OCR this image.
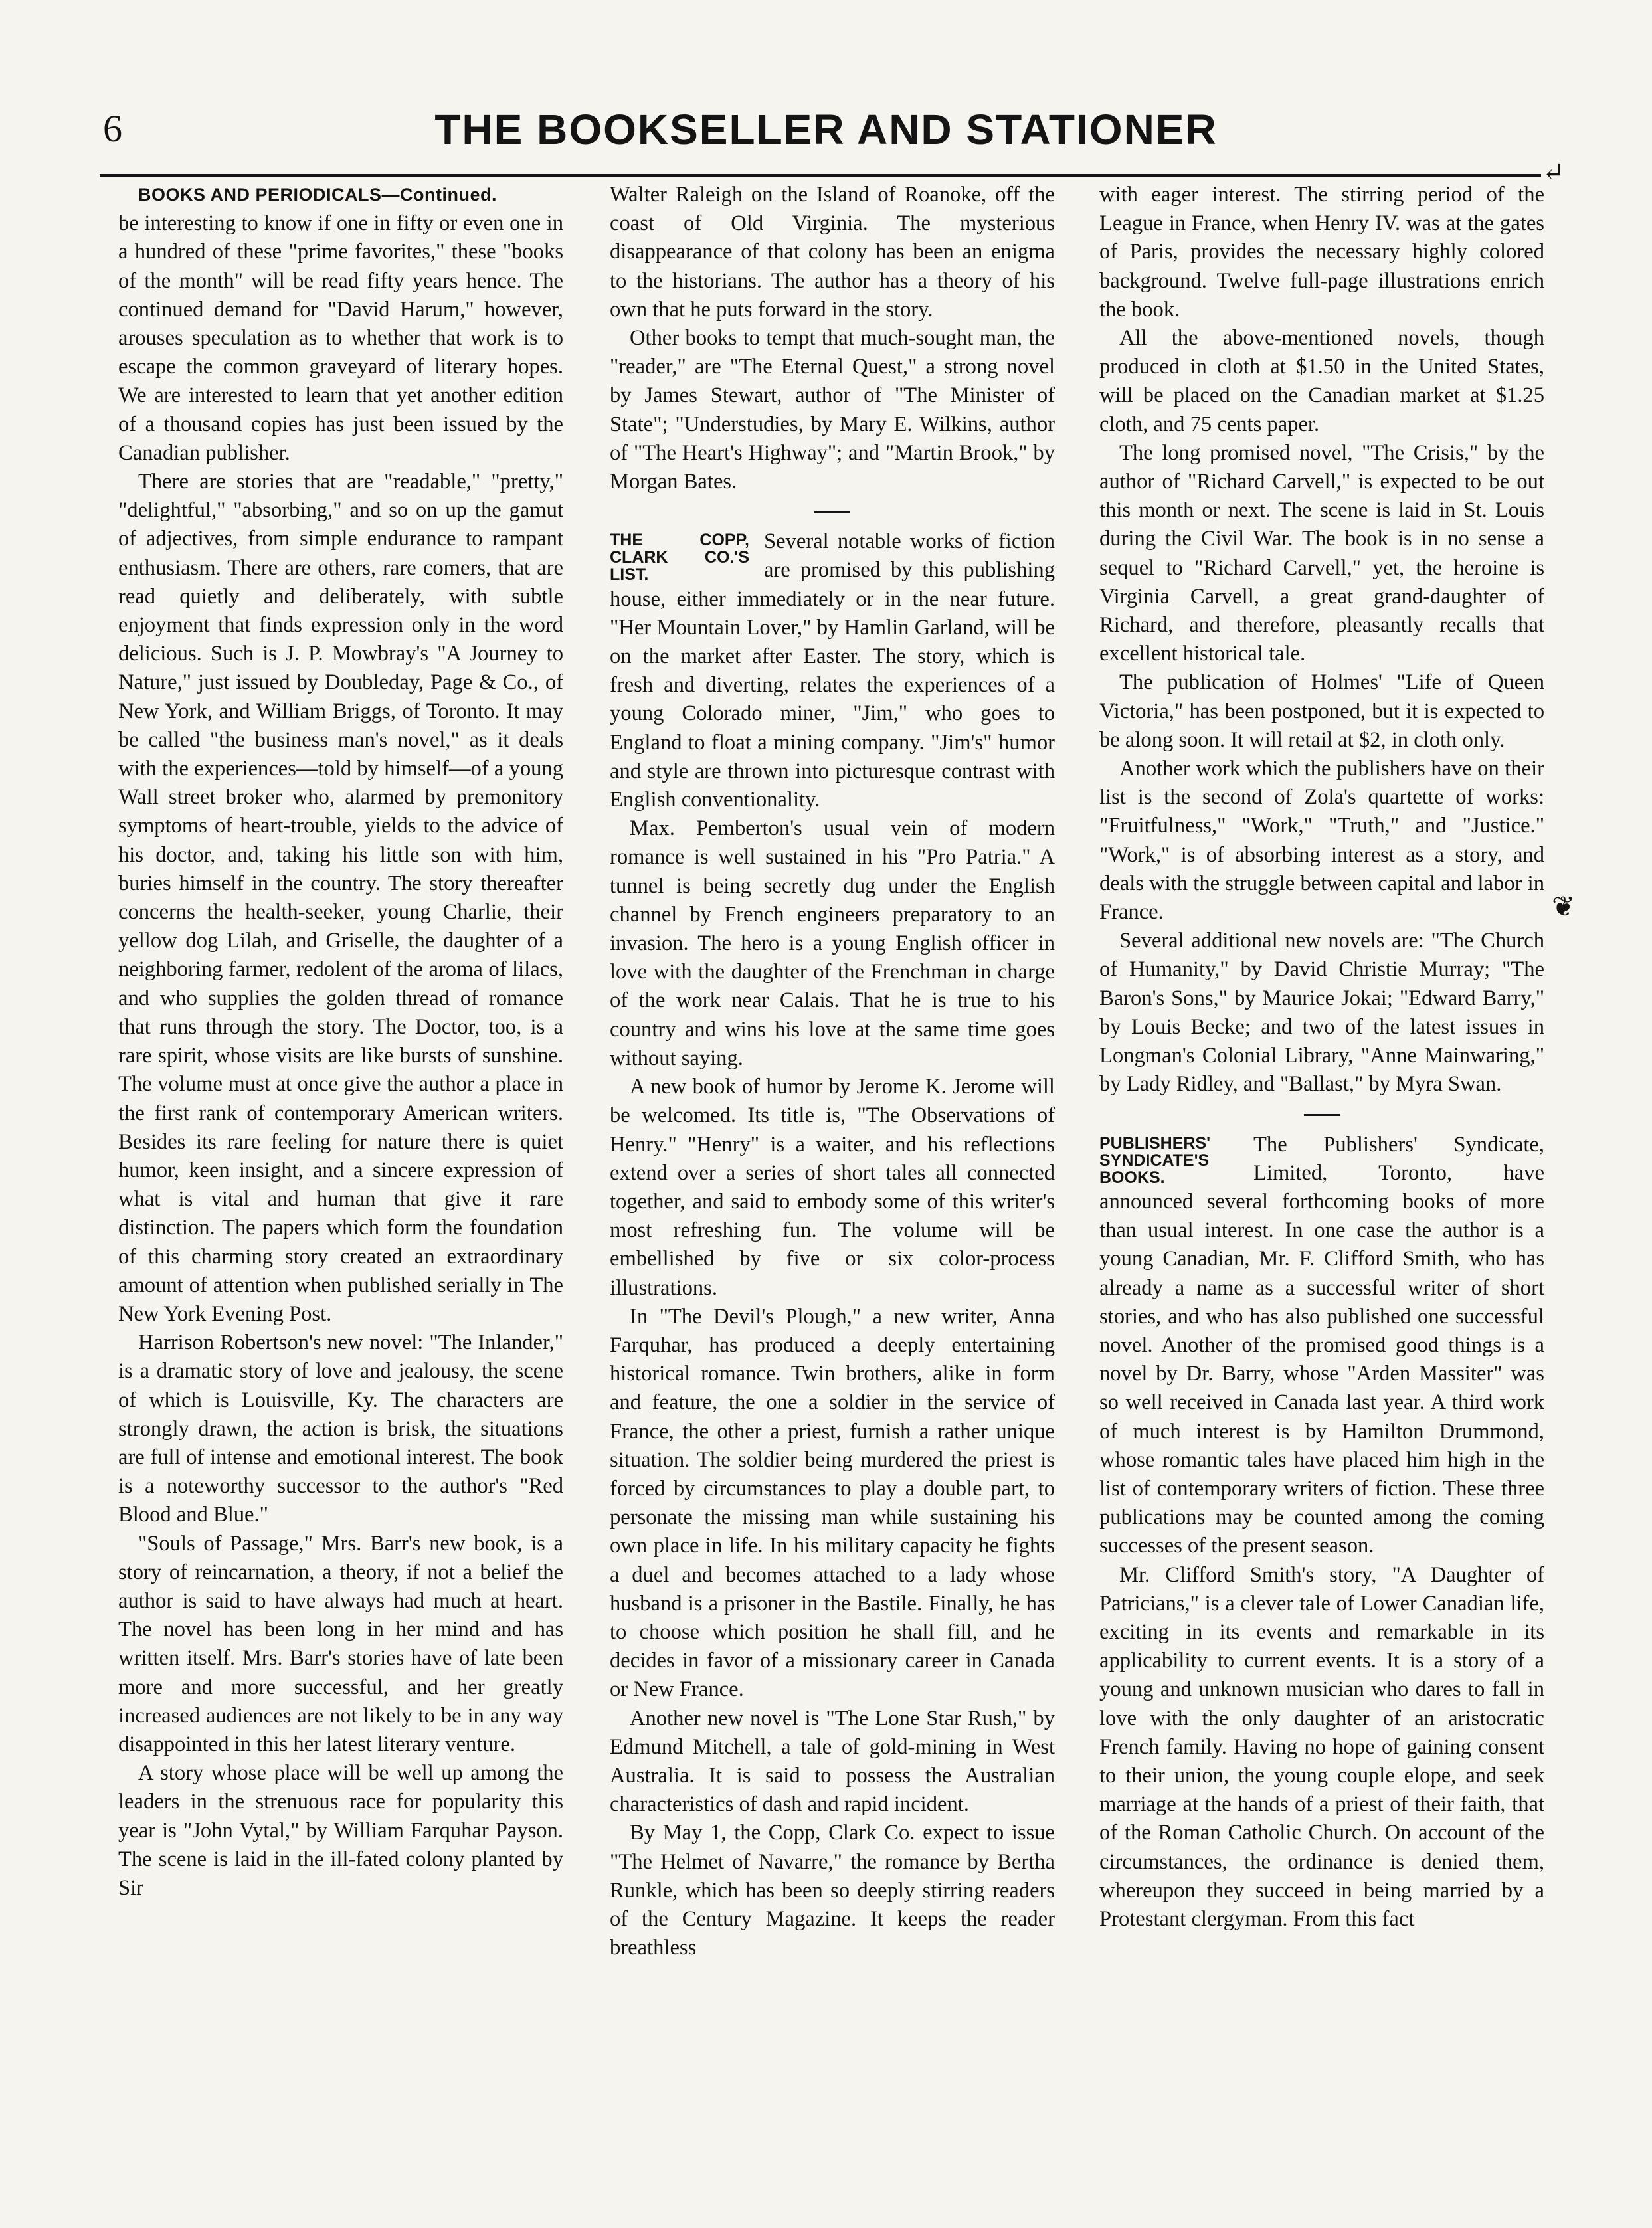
6	THE BOOKSELLER AND STATIONER
↵
❦

BOOKS AND PERIODICALS—Continued.

be interesting to know if one in fifty or even one in a hundred of these "prime favorites," these "books of the month" will be read fifty years hence. The continued demand for "David Harum," however, arouses speculation as to whether that work is to escape the common graveyard of literary hopes. We are interested to learn that yet another edition of a thousand copies has just been issued by the Canadian publisher.

There are stories that are "readable," "pretty," "delightful," "absorbing," and so on up the gamut of adjectives, from simple endurance to rampant enthusiasm. There are others, rare comers, that are read quietly and deliberately, with subtle enjoyment that finds expression only in the word delicious. Such is J. P. Mowbray's "A Journey to Nature," just issued by Doubleday, Page & Co., of New York, and William Briggs, of Toronto. It may be called "the business man's novel," as it deals with the experiences—told by himself—of a young Wall street broker who, alarmed by premonitory symptoms of heart-trouble, yields to the advice of his doctor, and, taking his little son with him, buries himself in the country. The story thereafter concerns the health-seeker, young Charlie, their yellow dog Lilah, and Griselle, the daughter of a neighboring farmer, redolent of the aroma of lilacs, and who supplies the golden thread of romance that runs through the story. The Doctor, too, is a rare spirit, whose visits are like bursts of sunshine. The volume must at once give the author a place in the first rank of contemporary American writers. Besides its rare feeling for nature there is quiet humor, keen insight, and a sincere expression of what is vital and human that give it rare distinction. The papers which form the foundation of this charming story created an extraordinary amount of attention when published serially in The New York Evening Post.

Harrison Robertson's new novel: "The Inlander," is a dramatic story of love and jealousy, the scene of which is Louisville, Ky. The characters are strongly drawn, the action is brisk, the situations are full of intense and emotional interest. The book is a noteworthy successor to the author's "Red Blood and Blue."

"Souls of Passage," Mrs. Barr's new book, is a story of reincarnation, a theory, if not a belief the author is said to have always had much at heart. The novel has been long in her mind and has written itself. Mrs. Barr's stories have of late been more and more successful, and her greatly increased audiences are not likely to be in any way disappointed in this her latest literary venture.

A story whose place will be well up among the leaders in the strenuous race for popularity this year is "John Vytal," by William Farquhar Payson. The scene is laid in the ill-fated colony planted by Sir

Walter Raleigh on the Island of Roanoke, off the coast of Old Virginia. The mysterious disappearance of that colony has been an enigma to the historians. The author has a theory of his own that he puts forward in the story.

Other books to tempt that much-sought man, the "reader," are "The Eternal Quest," a strong novel by James Stewart, author of "The Minister of State"; "Understudies, by Mary E. Wilkins, author of "The Heart's Highway"; and "Martin Brook," by Morgan Bates.

THE COPP, CLARK CO.'S LIST.

Several notable works of fiction are promised by this publishing house, either immediately or in the near future. "Her Mountain Lover," by Hamlin Garland, will be on the market after Easter. The story, which is fresh and diverting, relates the experiences of a young Colorado miner, "Jim," who goes to England to float a mining company. "Jim's" humor and style are thrown into picturesque contrast with English conventionality.

Max. Pemberton's usual vein of modern romance is well sustained in his "Pro Patria." A tunnel is being secretly dug under the English channel by French engineers preparatory to an invasion. The hero is a young English officer in love with the daughter of the Frenchman in charge of the work near Calais. That he is true to his country and wins his love at the same time goes without saying.

A new book of humor by Jerome K. Jerome will be welcomed. Its title is, "The Observations of Henry." "Henry" is a waiter, and his reflections extend over a series of short tales all connected together, and said to embody some of this writer's most refreshing fun. The volume will be embellished by five or six color-process illustrations.

In "The Devil's Plough," a new writer, Anna Farquhar, has produced a deeply entertaining historical romance. Twin brothers, alike in form and feature, the one a soldier in the service of France, the other a priest, furnish a rather unique situation. The soldier being murdered the priest is forced by circumstances to play a double part, to personate the missing man while sustaining his own place in life. In his military capacity he fights a duel and becomes attached to a lady whose husband is a prisoner in the Bastile. Finally, he has to choose which position he shall fill, and he decides in favor of a missionary career in Canada or New France.

Another new novel is "The Lone Star Rush," by Edmund Mitchell, a tale of gold-mining in West Australia. It is said to possess the Australian characteristics of dash and rapid incident.

By May 1, the Copp, Clark Co. expect to issue "The Helmet of Navarre," the romance by Bertha Runkle, which has been so deeply stirring readers of the Century Magazine. It keeps the reader breathless

with eager interest. The stirring period of the League in France, when Henry IV. was at the gates of Paris, provides the necessary highly colored background. Twelve full-page illustrations enrich the book.

All the above-mentioned novels, though produced in cloth at $1.50 in the United States, will be placed on the Canadian market at $1.25 cloth, and 75 cents paper.

The long promised novel, "The Crisis," by the author of "Richard Carvell," is expected to be out this month or next. The scene is laid in St. Louis during the Civil War. The book is in no sense a sequel to "Richard Carvell," yet, the heroine is Virginia Carvell, a great grand-daughter of Richard, and therefore, pleasantly recalls that excellent historical tale.

The publication of Holmes' "Life of Queen Victoria," has been postponed, but it is expected to be along soon. It will retail at $2, in cloth only.

Another work which the publishers have on their list is the second of Zola's quartette of works: "Fruitfulness," "Work," "Truth," and "Justice." "Work," is of absorbing interest as a story, and deals with the struggle between capital and labor in France.

Several additional new novels are: "The Church of Humanity," by David Christie Murray; "The Baron's Sons," by Maurice Jokai; "Edward Barry," by Louis Becke; and two of the latest issues in Longman's Colonial Library, "Anne Mainwaring," by Lady Ridley, and "Ballast," by Myra Swan.

PUBLISHERS' SYNDICATE'S BOOKS.

The Publishers' Syndicate, Limited, Toronto, have announced several forthcoming books of more than usual interest. In one case the author is a young Canadian, Mr. F. Clifford Smith, who has already a name as a successful writer of short stories, and who has also published one successful novel. Another of the promised good things is a novel by Dr. Barry, whose "Arden Massiter" was so well received in Canada last year. A third work of much interest is by Hamilton Drummond, whose romantic tales have placed him high in the list of contemporary writers of fiction. These three publications may be counted among the coming successes of the present season.

Mr. Clifford Smith's story, "A Daughter of Patricians," is a clever tale of Lower Canadian life, exciting in its events and remarkable in its applicability to current events. It is a story of a young and unknown musician who dares to fall in love with the only daughter of an aristocratic French family. Having no hope of gaining consent to their union, the young couple elope, and seek marriage at the hands of a priest of their faith, that of the Roman Catholic Church. On account of the circumstances, the ordinance is denied them, whereupon they succeed in being married by a Protestant clergyman. From this fact
